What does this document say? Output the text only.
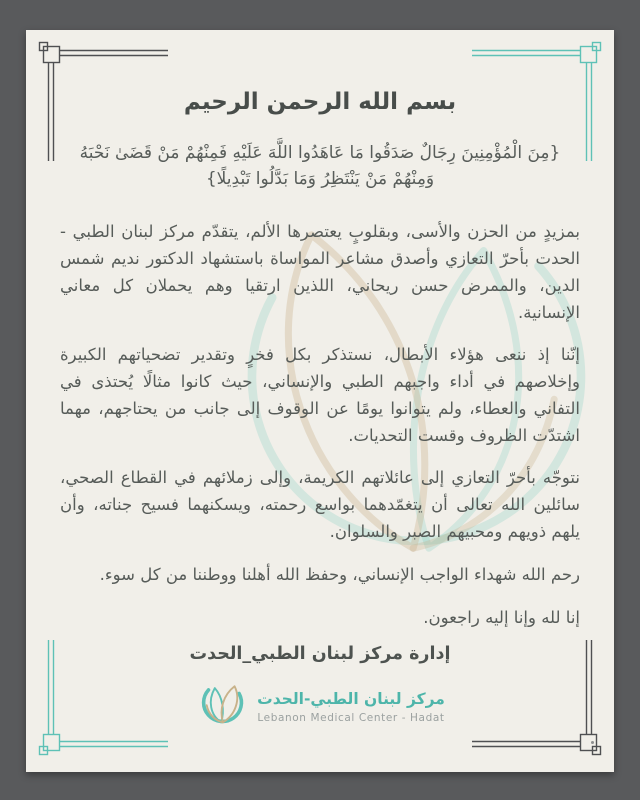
بسم الله الرحمن الرحيم
{مِنَ الْمُؤْمِنِينَ رِجَالٌ صَدَقُوا مَا عَاهَدُوا اللَّهَ عَلَيْهِ فَمِنْهُمْ مَنْ قَضَىٰ نَحْبَهُ وَمِنْهُمْ مَنْ يَنْتَظِرُ وَمَا بَدَّلُوا تَبْدِيلًا}

بمزيدٍ من الحزن والأسى، وبقلوبٍ يعتصرها الألم، يتقدّم مركز لبنان الطبي - الحدت بأحرّ التعازي وأصدق مشاعر المواساة باستشهاد الدكتور نديم شمس الدين، والممرض حسن ريحاني، اللذين ارتقيا وهم يحملان كل معاني الإنسانية.

إنّنا إذ ننعى هؤلاء الأبطال، نستذكر بكل فخرٍ وتقدير تضحياتهم الكبيرة وإخلاصهم في أداء واجبهم الطبي والإنساني، حيث كانوا مثالًا يُحتذى في التفاني والعطاء، ولم يتوانوا يومًا عن الوقوف إلى جانب من يحتاجهم، مهما اشتدّت الظروف وقست التحديات.

نتوجّه بأحرّ التعازي إلى عائلاتهم الكريمة، وإلى زملائهم في القطاع الصحي، سائلين الله تعالى أن يتغمّدهما بواسع رحمته، ويسكنهما فسيح جناته، وأن يلهم ذويهم ومحبيهم الصبر والسلوان.

رحم الله شهداء الواجب الإنساني، وحفظ الله أهلنا ووطننا من كل سوء.

إنا لله وإنا إليه راجعون.

إدارة مركز لبنان الطبي_الحدت
مركز لبنان الطبي-الحدت
Lebanon Medical Center - Hadat
